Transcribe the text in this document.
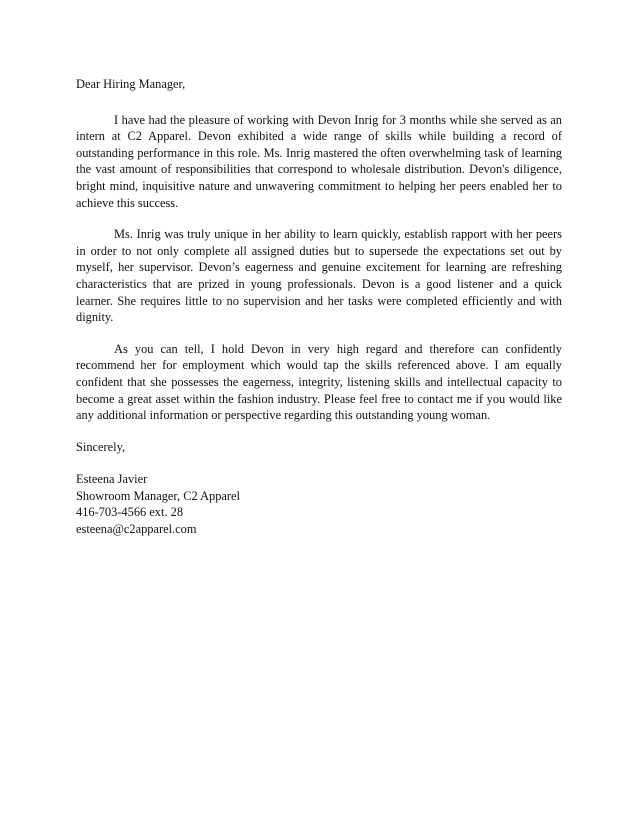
Dear Hiring Manager,

I have had the pleasure of working with Devon Inrig for 3 months while she served as an intern at C2 Apparel. Devon exhibited a wide range of skills while building a record of outstanding performance in this role. Ms. Inrig mastered the often overwhelming task of learning the vast amount of responsibilities that correspond to wholesale distribution. Devon's diligence, bright mind, inquisitive nature and unwavering commitment to helping her peers enabled her to achieve this success.

Ms. Inrig was truly unique in her ability to learn quickly, establish rapport with her peers in order to not only complete all assigned duties but to supersede the expectations set out by myself, her supervisor. Devon’s eagerness and genuine excitement for learning are refreshing characteristics that are prized in young professionals. Devon is a good listener and a quick learner. She requires little to no supervision and her tasks were completed efficiently and with dignity.

As you can tell, I hold Devon in very high regard and therefore can confidently recommend her for employment which would tap the skills referenced above. I am equally confident that she possesses the eagerness, integrity, listening skills and intellectual capacity to become a great asset within the fashion industry. Please feel free to contact me if you would like any additional information or perspective regarding this outstanding young woman.

Sincerely,

Esteena Javier
Showroom Manager, C2 Apparel
416-703-4566 ext. 28
esteena@c2apparel.com
